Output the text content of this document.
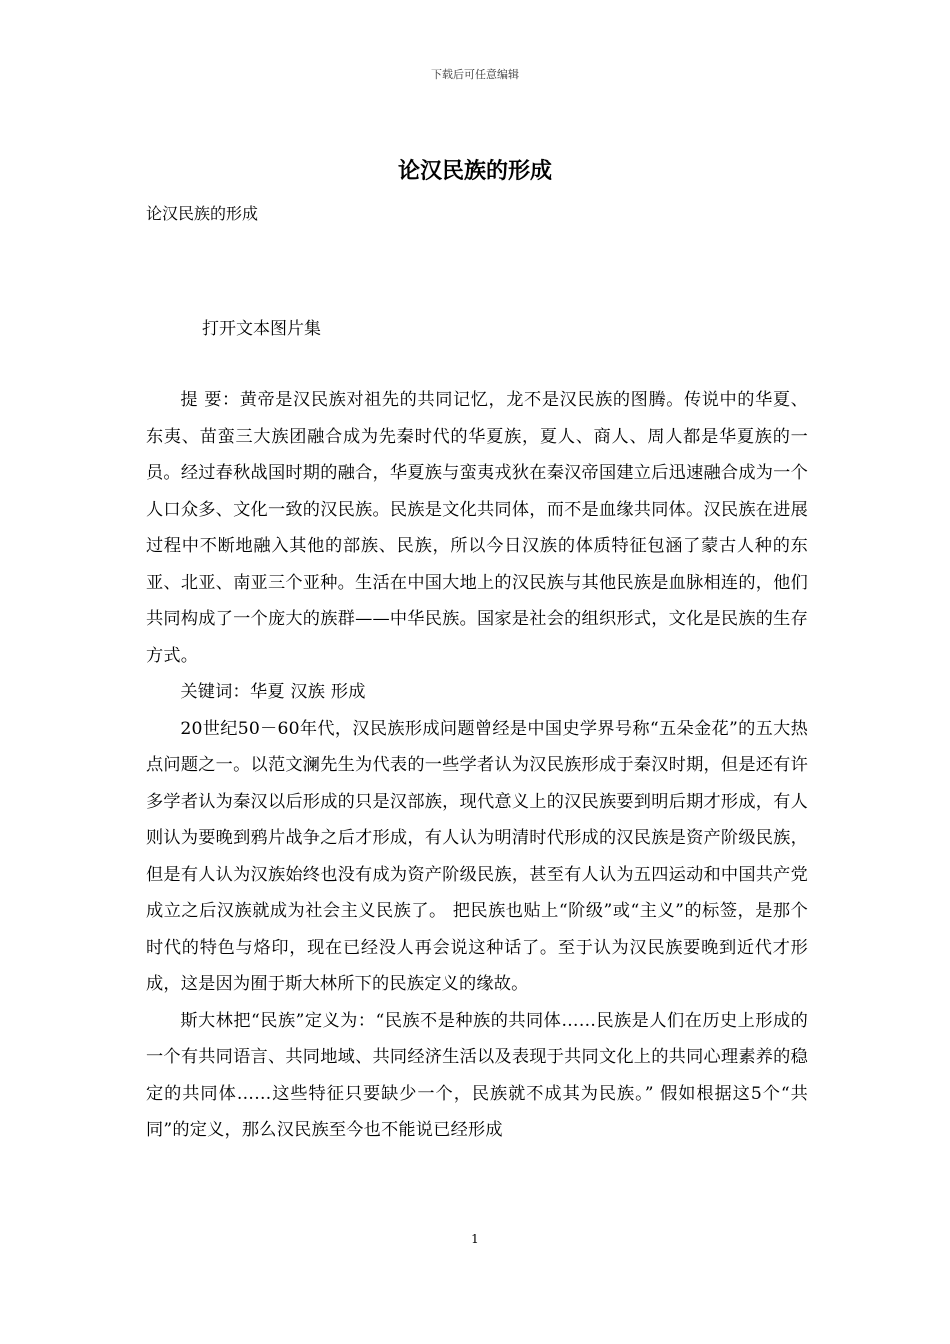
下载后可任意编辑
论汉民族的形成
论汉民族的形成
打开文本图片集

提 要：黄帝是汉民族对祖先的共同记忆，龙不是汉民族的图腾。传说中的华夏、东夷、苗蛮三大族团融合成为先秦时代的华夏族，夏人、商人、周人都是华夏族的一员。经过春秋战国时期的融合，华夏族与蛮夷戎狄在秦汉帝国建立后迅速融合成为一个人口众多、文化一致的汉民族。民族是文化共同体，而不是血缘共同体。汉民族在进展过程中不断地融入其他的部族、民族，所以今日汉族的体质特征包涵了蒙古人种的东亚、北亚、南亚三个亚种。生活在中国大地上的汉民族与其他民族是血脉相连的，他们共同构成了一个庞大的族群——中华民族。国家是社会的组织形式，文化是民族的生存方式。

关键词：华夏 汉族 形成

20世纪50－60年代，汉民族形成问题曾经是中国史学界号称“五朵金花”的五大热点问题之一。以范文澜先生为代表的一些学者认为汉民族形成于秦汉时期，但是还有许多学者认为秦汉以后形成的只是汉部族，现代意义上的汉民族要到明后期才形成，有人则认为要晚到鸦片战争之后才形成，有人认为明清时代形成的汉民族是资产阶级民族，但是有人认为汉族始终也没有成为资产阶级民族，甚至有人认为五四运动和中国共产党成立之后汉族就成为社会主义民族了。 把民族也贴上“阶级”或“主义”的标签，是那个时代的特色与烙印，现在已经没人再会说这种话了。至于认为汉民族要晚到近代才形成，这是因为囿于斯大林所下的民族定义的缘故。

斯大林把“民族”定义为：“民族不是种族的共同体……民族是人们在历史上形成的一个有共同语言、共同地域、共同经济生活以及表现于共同文化上的共同心理素养的稳定的共同体……这些特征只要缺少一个，民族就不成其为民族。” 假如根据这5个“共同”的定义，那么汉民族至今也不能说已经形成

1
